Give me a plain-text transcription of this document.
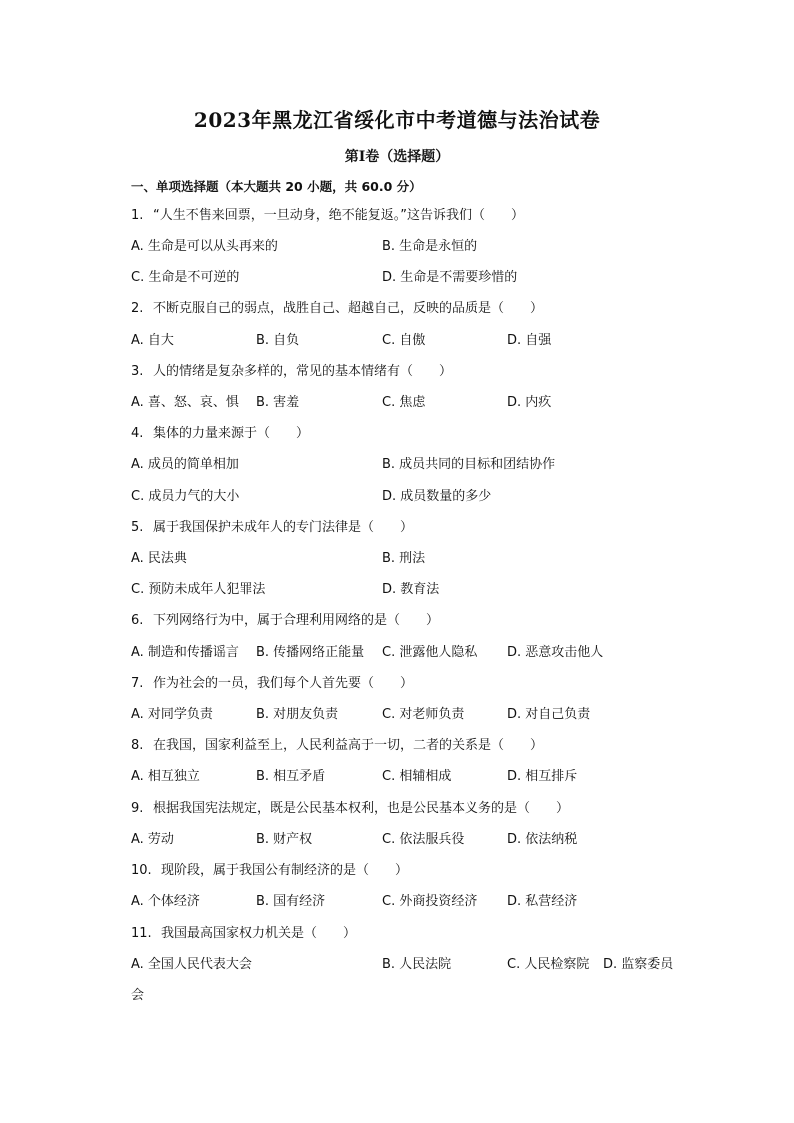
2023年黑龙江省绥化市中考道德与法治试卷
第Ⅰ卷（选择题）
一、单项选择题（本大题共 20 小题，共 60.0 分）
1. “人生不售来回票，一旦动身，绝不能复返。”这告诉我们（　　）
A. 生命是可以从头再来的	B. 生命是永恒的
C. 生命是不可逆的	D. 生命是不需要珍惜的
2. 不断克服自己的弱点，战胜自己、超越自己，反映的品质是（　　）
A. 自大	B. 自负	C. 自傲	D. 自强
3. 人的情绪是复杂多样的，常见的基本情绪有（　　）
A. 喜、怒、哀、惧 B. 害羞	C. 焦虑	D. 内疚
4. 集体的力量来源于（　　）
A. 成员的简单相加	B. 成员共同的目标和团结协作
C. 成员力气的大小	D. 成员数量的多少
5. 属于我国保护未成年人的专门法律是（　　）
A. 民法典	B. 刑法
C. 预防未成年人犯罪法	D. 教育法
6. 下列网络行为中，属于合理利用网络的是（　　）
A. 制造和传播谣言 B. 传播网络正能量 C. 泄露他人隐私 D. 恶意攻击他人
7. 作为社会的一员，我们每个人首先要（　　）
A. 对同学负责	B. 对朋友负责	C. 对老师负责	D. 对自己负责
8. 在我国，国家利益至上，人民利益高于一切，二者的关系是（　　）
A. 相互独立	B. 相互矛盾	C. 相辅相成	D. 相互排斥
9. 根据我国宪法规定，既是公民基本权利，也是公民基本义务的是（　　）
A. 劳动	B. 财产权	C. 依法服兵役	D. 依法纳税
10. 现阶段，属于我国公有制经济的是（　　）
A. 个体经济	B. 国有经济	C. 外商投资经济 D. 私营经济
11. 我国最高国家权力机关是（　　）
A. 全国人民代表大会	B. 人民法院	C. 人民检察院 D. 监察委员
会
